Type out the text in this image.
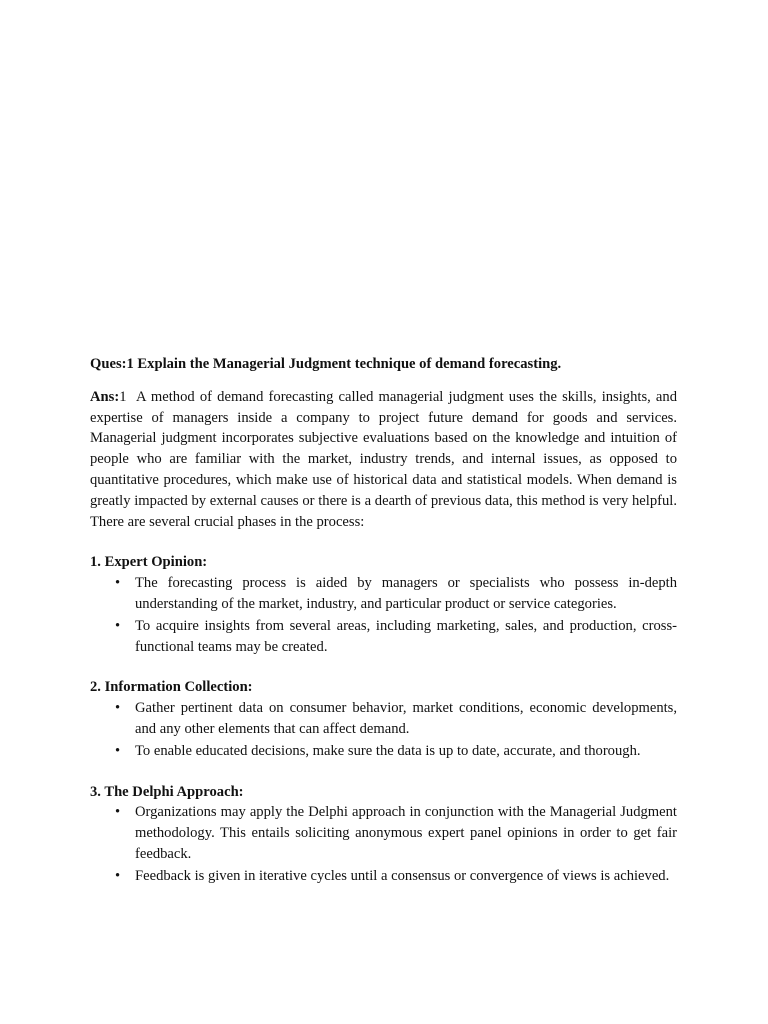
Ques:1 Explain the Managerial Judgment technique of demand forecasting.

Ans:1 A method of demand forecasting called managerial judgment uses the skills, insights, and expertise of managers inside a company to project future demand for goods and services. Managerial judgment incorporates subjective evaluations based on the knowledge and intuition of people who are familiar with the market, industry trends, and internal issues, as opposed to quantitative procedures, which make use of historical data and statistical models. When demand is greatly impacted by external causes or there is a dearth of previous data, this method is very helpful. There are several crucial phases in the process:

1. Expert Opinion:

• The forecasting process is aided by managers or specialists who possess in-depth understanding of the market, industry, and particular product or service categories.
• To acquire insights from several areas, including marketing, sales, and production, cross-functional teams may be created.

2. Information Collection:

• Gather pertinent data on consumer behavior, market conditions, economic developments, and any other elements that can affect demand.
• To enable educated decisions, make sure the data is up to date, accurate, and thorough.

3. The Delphi Approach:

• Organizations may apply the Delphi approach in conjunction with the Managerial Judgment methodology. This entails soliciting anonymous expert panel opinions in order to get fair feedback.
• Feedback is given in iterative cycles until a consensus or convergence of views is achieved.
